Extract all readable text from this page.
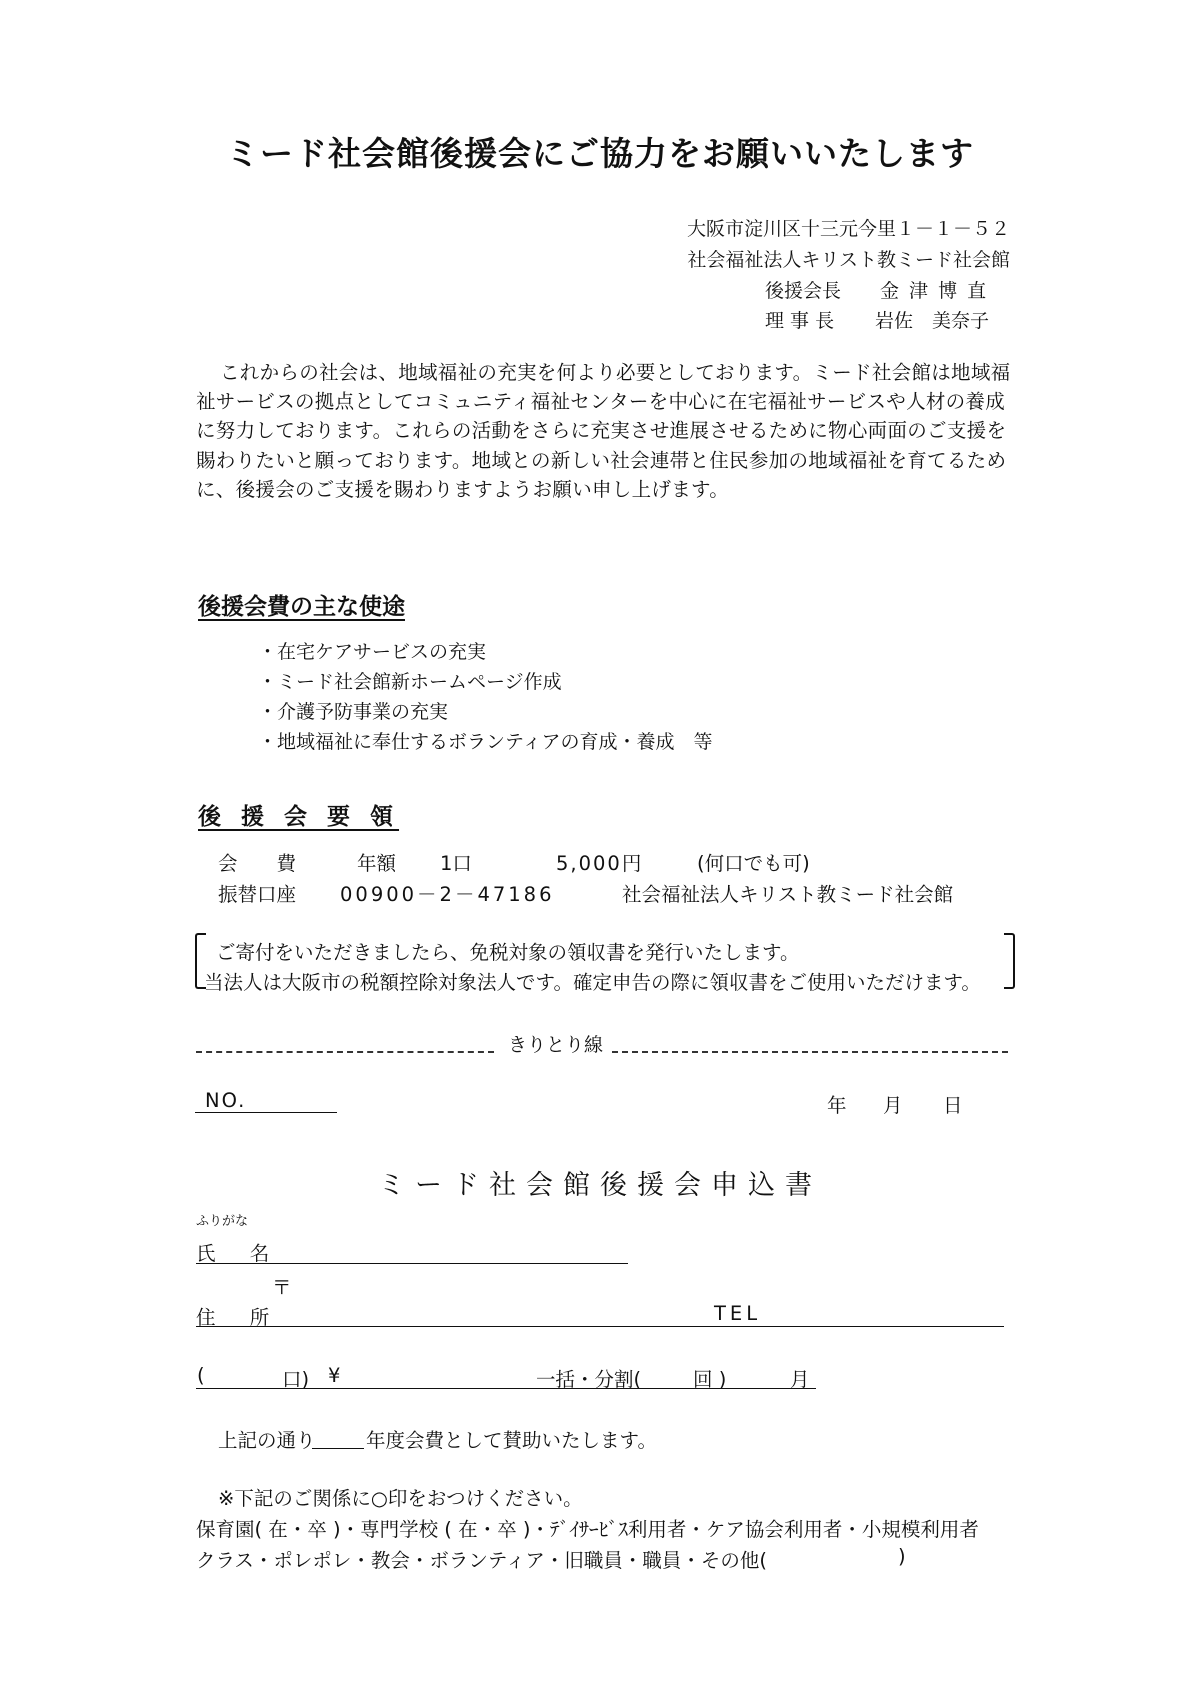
ミード社会館後援会にご協力をお願いいたします
大阪市淀川区十三元今里１－１－５２
社会福祉法人キリスト教ミード社会館
後援会長 金 津 博 直
理 事 長 岩佐　美奈子
これからの社会は、地域福祉の充実を何より必要としております。ミード社会館は地域福祉サービスの拠点としてコミュニティ福祉センターを中心に在宅福祉サービスや人材の養成に努力しております。これらの活動をさらに充実させ進展させるために物心両面のご支援を賜わりたいと願っております。地域との新しい社会連帯と住民参加の地域福祉を育てるために、後援会のご支援を賜わりますようお願い申し上げます。
後援会費の主な使途
・在宅ケアサービスの充実
・ミード社会館新ホームページ作成
・介護予防事業の充実
・地域福祉に奉仕するボランティアの育成・養成　等
後 援 会 要 領
会　　費	年額 1口	5,000円	(何口でも可)
振替口座 00900－2－47186	社会福祉法人キリスト教ミード社会館
ご寄付をいただきましたら、免税対象の領収書を発行いたします。
当法人は大阪市の税額控除対象法人です。確定申告の際に領収書をご使用いただけます。
きりとり線
NO.	年 月 日
ミード社会館後援会申込書
ふりがな
氏 名
〒
住 所	TEL
(	口) ¥	一括・分割(	回 )	月
上記の通り	年度会費として賛助いたします。
※下記のご関係に○印をおつけください。
保育園( 在・卒 )・専門学校 ( 在・卒 )・ﾃﾞｲｻｰﾋﾞｽ利用者・ケア協会利用者・小規模利用者
クラス・ポレポレ・教会・ボランティア・旧職員・職員・その他(	)
